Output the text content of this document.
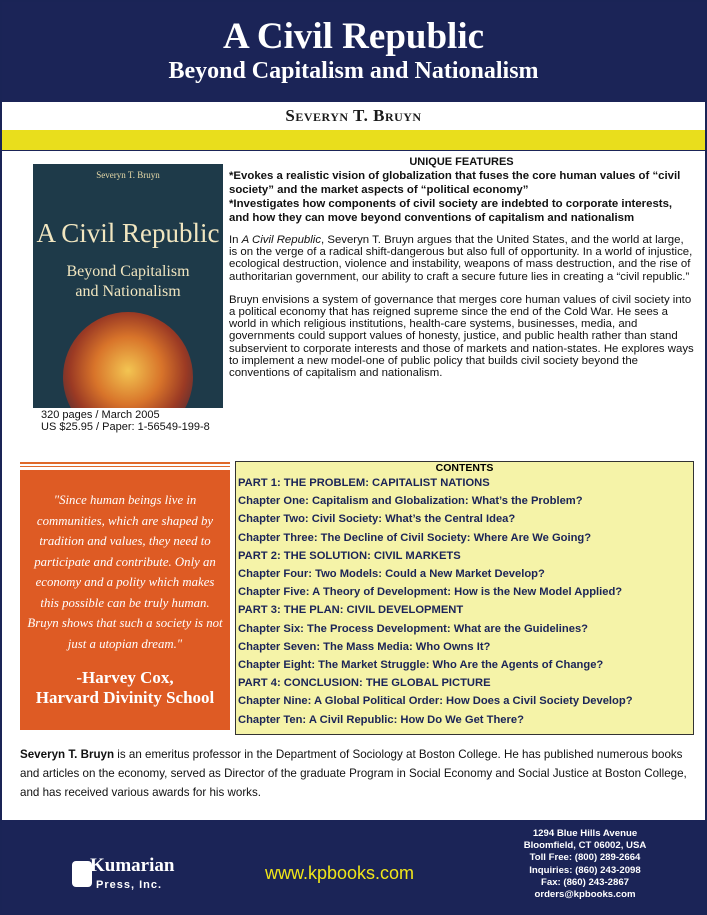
A Civil Republic
Beyond Capitalism and Nationalism
Severyn T. Bruyn
Severyn T. Bruyn
A Civil Republic
Beyond Capitalism
and Nationalism
320 pages / March 2005
US $25.95 / Paper: 1-56549-199-8
UNIQUE FEATURES
*Evokes a realistic vision of globalization that fuses the core human values of “civil society” and the market aspects of “political economy”
*Investigates how components of civil society are indebted to corporate interests, and how they can move beyond conventions of capitalism and nationalism

In A Civil Republic, Severyn T. Bruyn argues that the United States, and the world at large, is on the verge of a radical shift-dangerous but also full of opportunity. In a world of injustice, ecological destruction, violence and instability, weapons of mass destruction, and the rise of authoritarian government, our ability to craft a secure future lies in creating a “civil republic.”

Bruyn envisions a system of governance that merges core human values of civil society into a political economy that has reigned supreme since the end of the Cold War. He sees a world in which religious institutions, health-care systems, businesses, media, and governments could support values of honesty, justice, and public health rather than stand subservient to corporate interests and those of markets and nation-states. He explores ways to implement a new model-one of public policy that builds civil society beyond the conventions of capitalism and nationalism.

"Since human beings live in communities, which are shaped by tradition and values, they need to participate and contribute. Only an economy and a polity which makes this possible can be truly human. Bruyn shows that such a society is not just a utopian dream."
-Harvey Cox,
Harvard Divinity School
CONTENTS
PART 1: THE PROBLEM: CAPITALIST NATIONS
Chapter One: Capitalism and Globalization: What’s the Problem?
Chapter Two: Civil Society: What’s the Central Idea?
Chapter Three: The Decline of Civil Society: Where Are We Going?
PART 2: THE SOLUTION: CIVIL MARKETS
Chapter Four: Two Models: Could a New Market Develop?
Chapter Five: A Theory of Development: How is the New Model Applied?
PART 3: THE PLAN: CIVIL DEVELOPMENT
Chapter Six: The Process Development: What are the Guidelines?
Chapter Seven: The Mass Media: Who Owns It?
Chapter Eight: The Market Struggle: Who Are the Agents of Change?
PART 4: CONCLUSION: THE GLOBAL PICTURE
Chapter Nine: A Global Political Order: How Does a Civil Society Develop?
Chapter Ten: A Civil Republic: How Do We Get There?
Severyn T. Bruyn is an emeritus professor in the Department of Sociology at Boston College. He has published numerous books and articles on the economy, served as Director of the graduate Program in Social Economy and Social Justice at Boston College, and has received various awards for his works.
Kumarian
Press, Inc.
www.kpbooks.com
1294 Blue Hills Avenue
Bloomfield, CT 06002, USA
Toll Free: (800) 289-2664
Inquiries: (860) 243-2098
Fax: (860) 243-2867
orders@kpbooks.com
